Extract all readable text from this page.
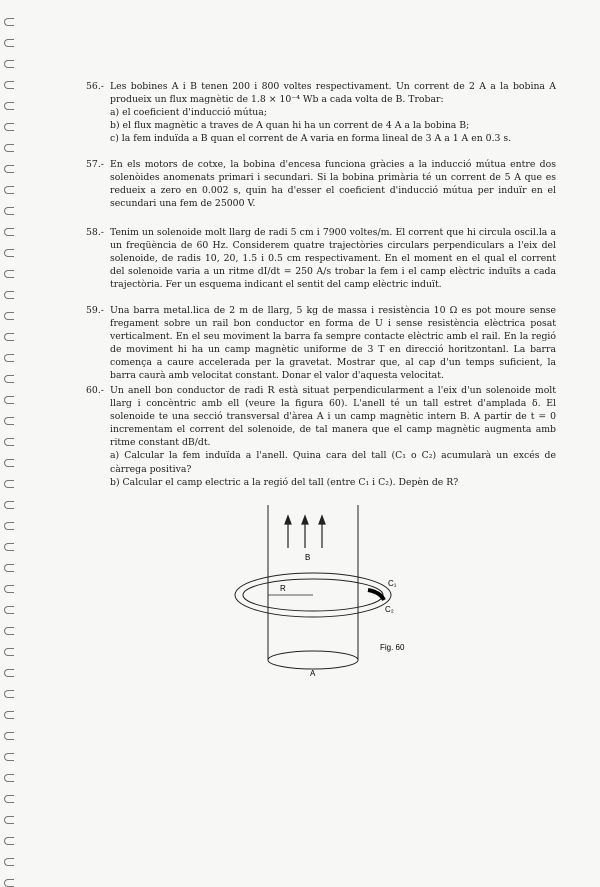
56.- Les bobines A i B tenen 200 i 800 voltes respectivament. Un corrent de 2 A a la bobina A produeix un flux magnètic de 1.8 × 10⁻⁴ Wb a cada volta de B. Trobar:
a) el coeficient d'inducció mútua;
b) el flux magnètic a traves de A quan hi ha un corrent de 4 A a la bobina B;
c) la fem induïda a B quan el corrent de A varia en forma lineal de 3 A a 1 A en 0.3 s.
57.- En els motors de cotxe, la bobina d'encesa funciona gràcies a la inducció mútua entre dos solenòides anomenats primari i secundari. Si la bobina primària té un corrent de 5 A que es redueix a zero en 0.002 s, quin ha d'esser el coeficient d'inducció mútua per induïr en el secundari una fem de 25000 V.
58.- Tenim un solenoide molt llarg de radi 5 cm i 7900 voltes/m. El corrent que hi circula oscil.la a un freqüència de 60 Hz. Considerem quatre trajectòries circulars perpendiculars a l'eix del solenoide, de radis 10, 20, 1.5 i 0.5 cm respectivament. En el moment en el qual el corrent del solenoide varia a un ritme dI/dt = 250 A/s trobar la fem i el camp elèctric induïts a cada trajectòria. Fer un esquema indicant el sentit del camp elèctric induït.
59.- Una barra metal.lica de 2 m de llarg, 5 kg de massa i resistència 10 Ω es pot moure sense fregament sobre un rail bon conductor en forma de U i sense resistència elèctrica posat verticalment. En el seu moviment la barra fa sempre contacte elèctric amb el rail. En la regió de moviment hi ha un camp magnètic uniforme de 3 T en direcció horitzontanl. La barra comença a caure accelerada per la gravetat. Mostrar que, al cap d'un temps suficient, la barra caurà amb velocitat constant. Donar el valor d'aquesta velocitat.
60.- Un anell bon conductor de radi R està situat perpendicularment a l'eix d'un solenoide molt llarg i concèntric amb ell (veure la figura 60). L'anell té un tall estret d'amplada δ. El solenoide te una secció transversal d'àrea A i un camp magnètic intern B. A partir de t = 0 incrementam el corrent del solenoide, de tal manera que el camp magnètic augmenta amb ritme constant dB/dt.
a) Calcular la fem induïda a l'anell. Quina cara del tall (C₁ o C₂) acumularà un excés de càrrega positiva?
b) Calcular el camp electric a la regió del tall (entre C₁ i C₂). Depèn de R?
B
R
C₁
C₂
A
Fig. 60
